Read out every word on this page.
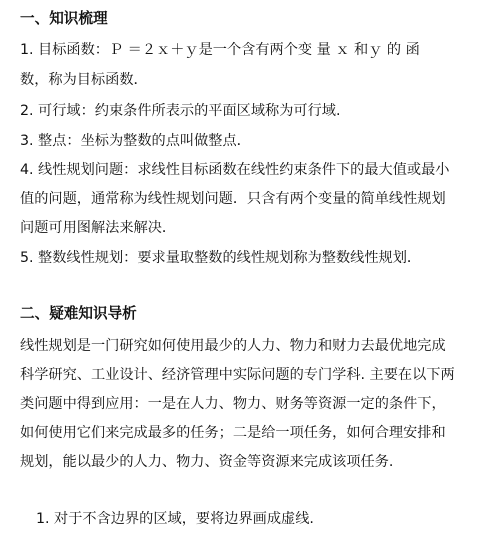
一、知识梳理
1. 目标函数：Ｐ ＝２ｘ＋ｙ是一个含有两个变 量 ｘ 和ｙ 的 函
数，称为目标函数．
2. 可行域：约束条件所表示的平面区域称为可行域.
3. 整点：坐标为整数的点叫做整点．
4. 线性规划问题：求线性目标函数在线性约束条件下的最大值或最小
值的问题，通常称为线性规划问题．只含有两个变量的简单线性规划
问题可用图解法来解决．
5. 整数线性规划：要求量取整数的线性规划称为整数线性规划．
二、疑难知识导析
线性规划是一门研究如何使用最少的人力、物力和财力去最优地完成
科学研究、工业设计、经济管理中实际问题的专门学科. 主要在以下两
类问题中得到应用：一是在人力、物力、财务等资源一定的条件下，
如何使用它们来完成最多的任务；二是给一项任务，如何合理安排和
规划，能以最少的人力、物力、资金等资源来完成该项任务.
1. 对于不含边界的区域，要将边界画成虚线.
